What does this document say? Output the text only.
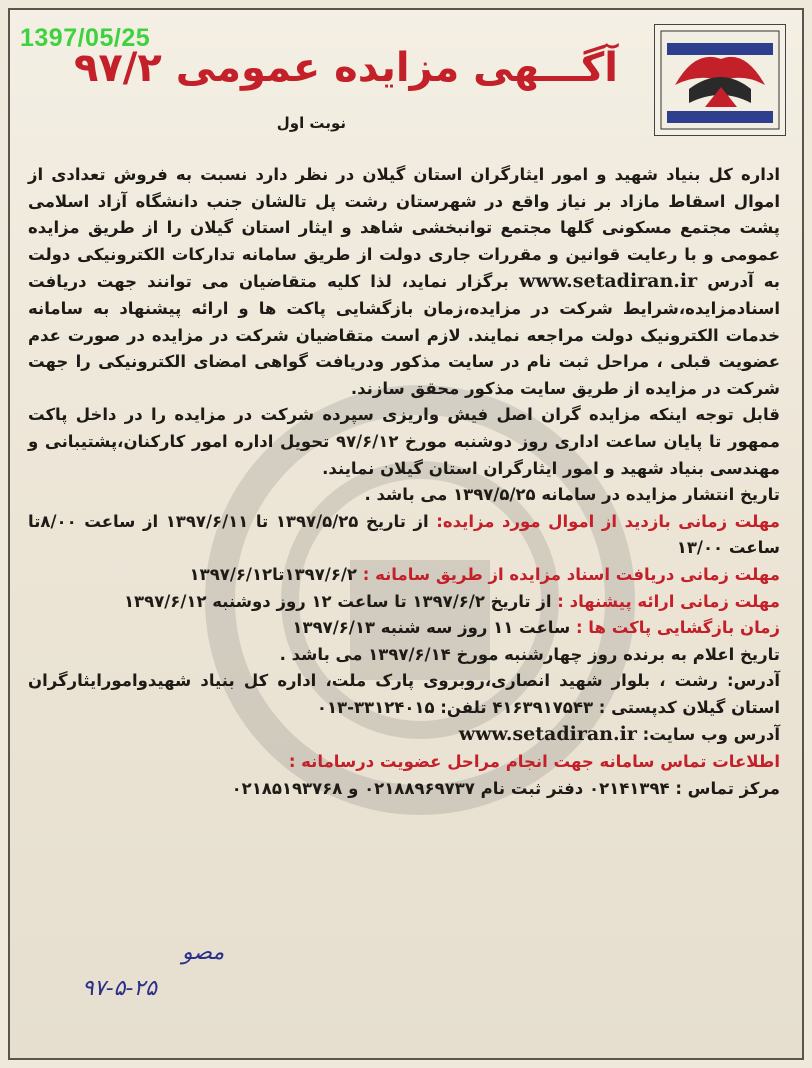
1397/05/25
آگـــهی مزایده عمومی ۹۷/۲
نوبت اول

اداره کل بنیاد شهید و امور ایثارگران استان گیلان در نظر دارد نسبت به فروش تعدادی از اموال اسقاط مازاد بر نیاز واقع در شهرستان رشت پل تالشان جنب دانشگاه آزاد اسلامی پشت مجتمع مسکونی گلها مجتمع توانبخشی شاهد و ایثار استان گیلان را از طریق مزایده عمومی و با رعایت قوانین و مقررات جاری دولت از طریق سامانه تدارکات الکترونیکی دولت به آدرس www.setadiran.ir برگزار نماید، لذا کلیه متقاضیان می توانند جهت دریافت اسنادمزایده،شرایط شرکت در مزایده،زمان بازگشایی پاکت ها و ارائه پیشنهاد به سامانه خدمات الکترونیک دولت مراجعه نمایند. لازم است متقاضیان شرکت در مزایده در صورت عدم عضویت قبلی ، مراحل ثبت نام در سایت مذکور ودریافت گواهی امضای الکترونیکی را جهت شرکت در مزایده از طریق سایت مذکور محقق سازند.

قابل توجه اینکه مزایده گران اصل فیش واریزی سپرده شرکت در مزایده را در داخل پاکت ممهور تا پایان ساعت اداری روز دوشنبه مورخ ۹۷/۶/۱۲ تحویل اداره امور کارکنان،پشتیبانی و مهندسی بنیاد شهید و امور ایثارگران استان گیلان نمایند.

تاریخ انتشار مزایده در سامانه ۱۳۹۷/۵/۲۵ می باشد .

مهلت زمانی بازدید از اموال مورد مزایده: از تاریخ ۱۳۹۷/۵/۲۵ تا ۱۳۹۷/۶/۱۱ از ساعت ۸/۰۰تا ساعت ۱۳/۰۰

مهلت زمانی دریافت اسناد مزایده از طریق سامانه : ۱۳۹۷/۶/۲تا۱۳۹۷/۶/۱۲

مهلت زمانی ارائه پیشنهاد : از تاریخ ۱۳۹۷/۶/۲ تا ساعت ۱۲ روز دوشنبه ۱۳۹۷/۶/۱۲

زمان بازگشایی پاکت ها : ساعت ۱۱ روز سه شنبه ۱۳۹۷/۶/۱۳

تاریخ اعلام به برنده روز چهارشنبه مورخ ۱۳۹۷/۶/۱۴ می باشد .

آدرس: رشت ، بلوار شهید انصاری،روبروی پارک ملت، اداره کل بنیاد شهیدوامورایثارگران استان گیلان کدپستی : ۴۱۶۳۹۱۷۵۴۳ تلفن: ۳۳۱۲۴۰۱۵-۰۱۳

آدرس وب سایت: www.setadiran.ir

اطلاعات تماس سامانه جهت انجام مراحل عضویت درسامانه :

مرکز تماس : ۰۲۱۴۱۳۹۴ دفتر ثبت نام ۰۲۱۸۸۹۶۹۷۳۷ و ۰۲۱۸۵۱۹۳۷۶۸

مصو
۹۷-۵-۲۵
